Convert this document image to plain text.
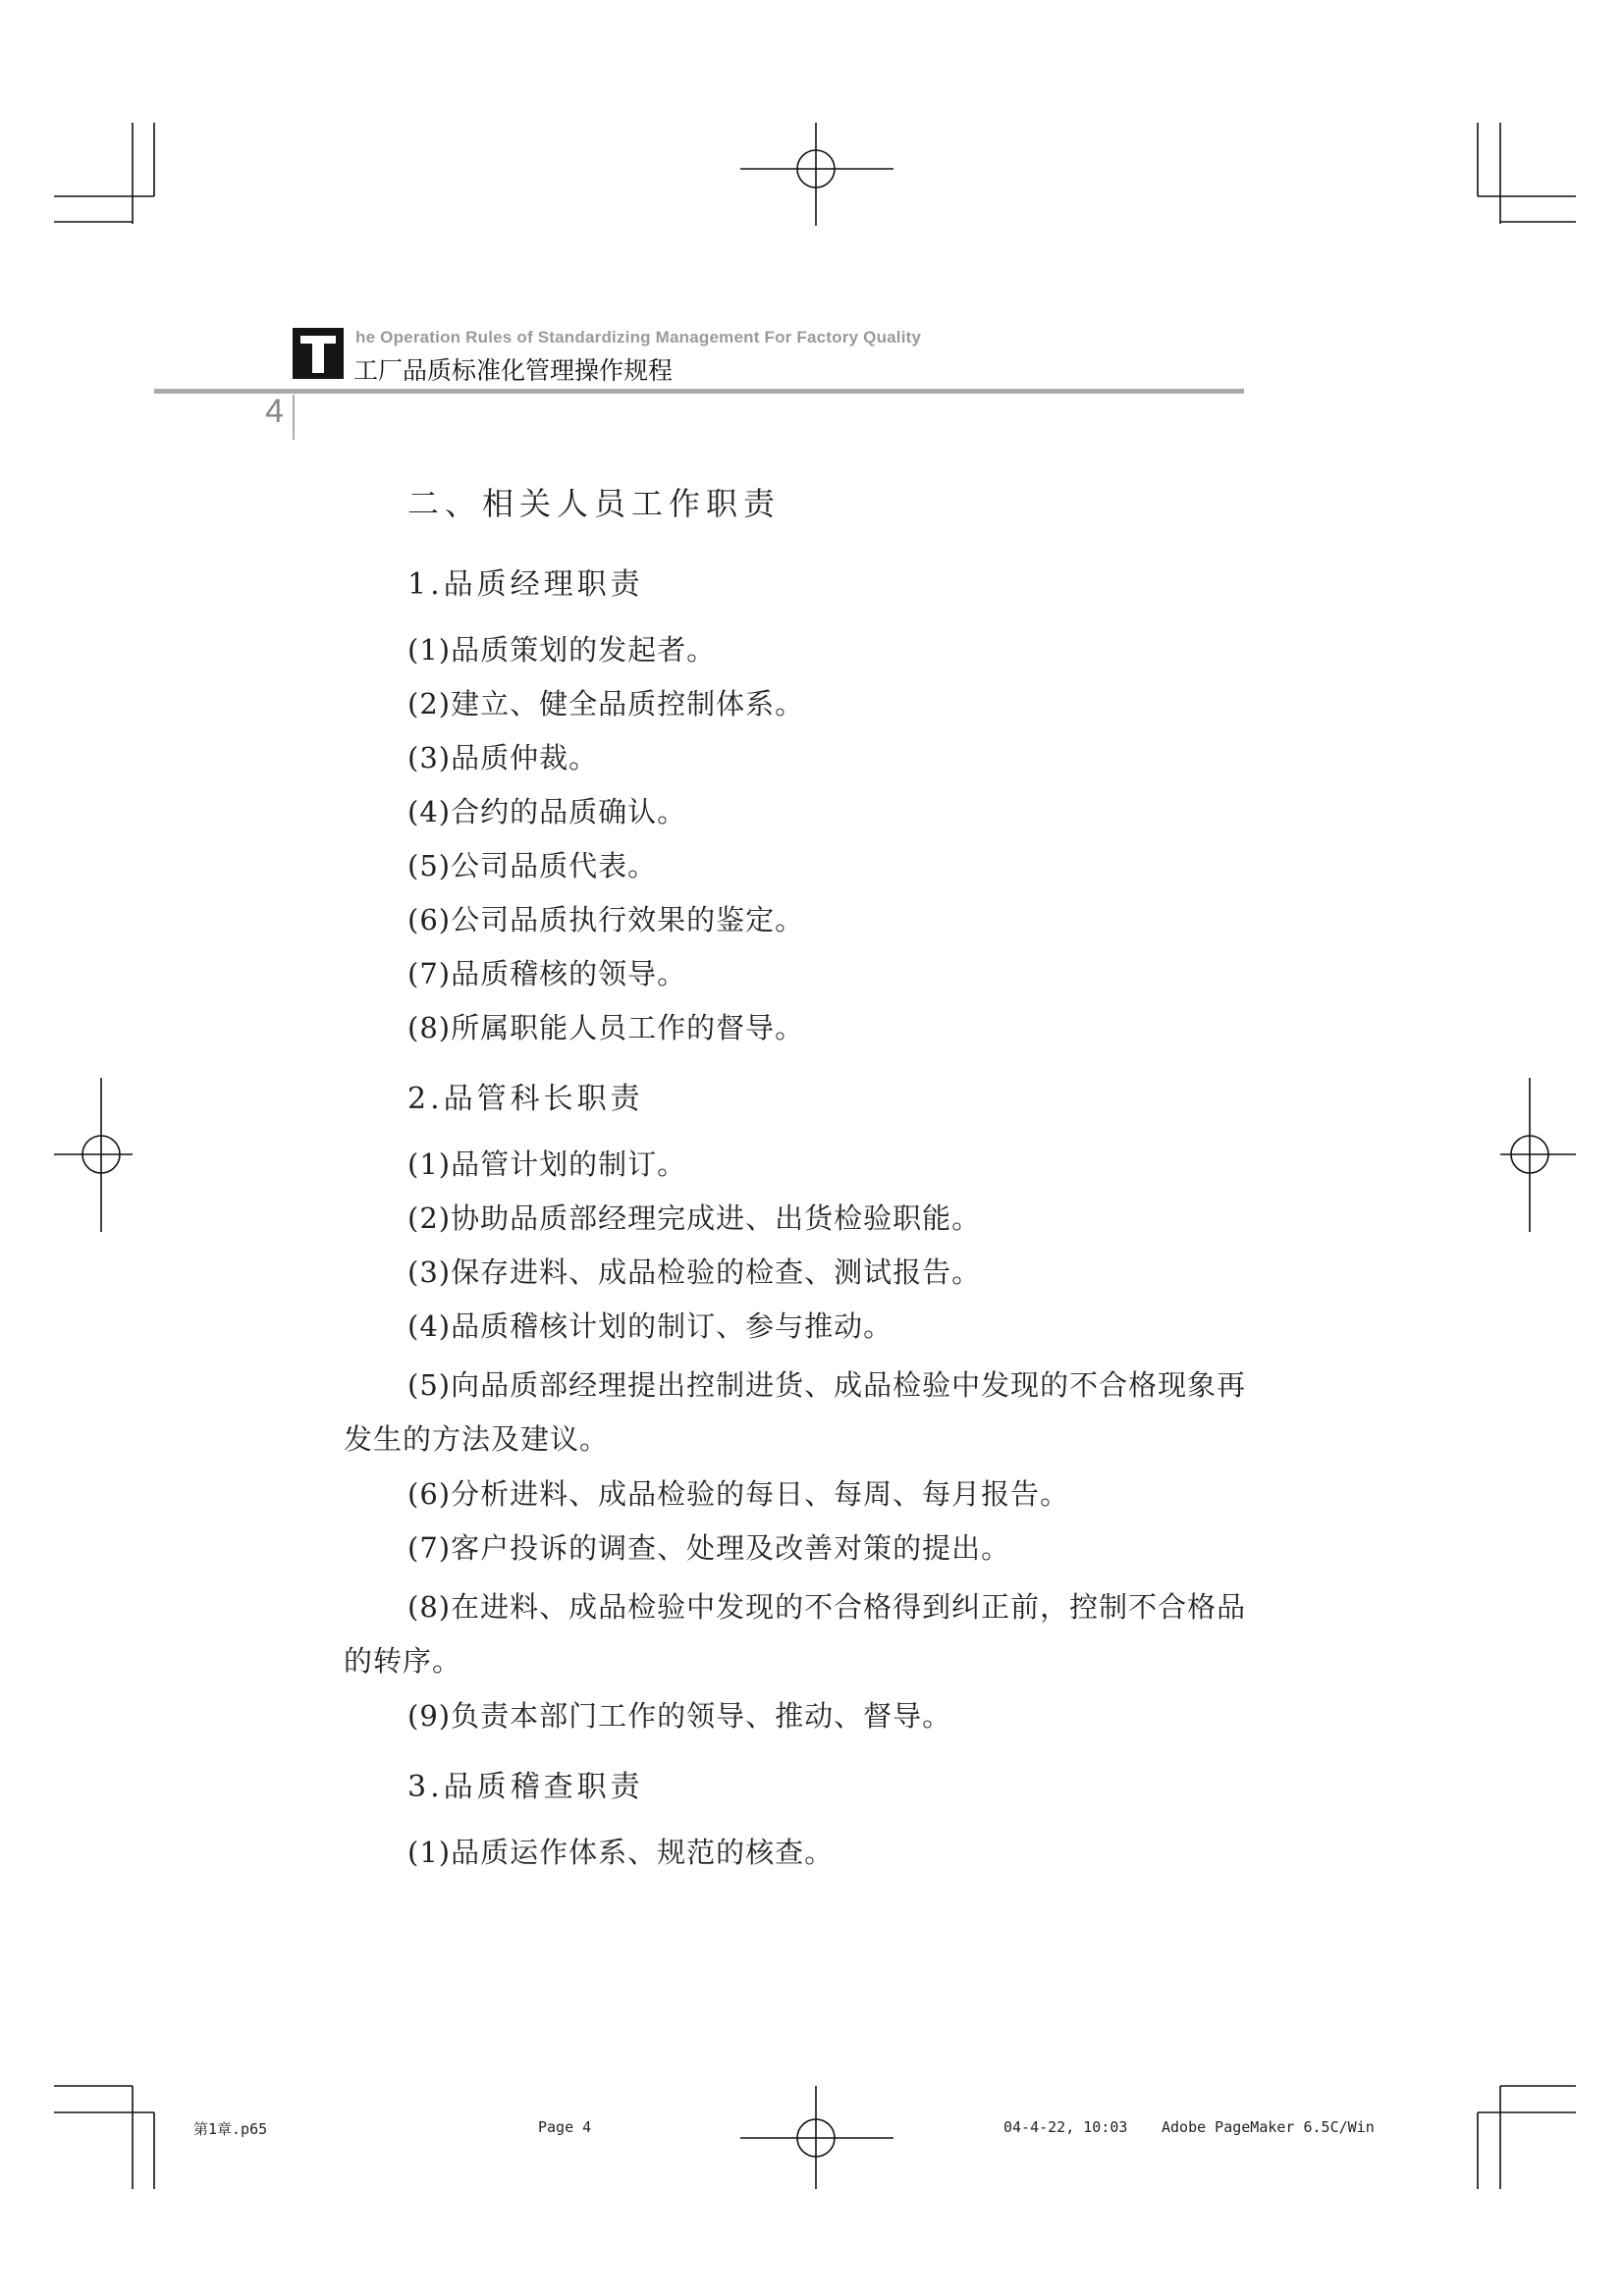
he Operation Rules of Standardizing Management For Factory Quality
工厂品质标准化管理操作规程
4
二、相关人员工作职责
1.品质经理职责
(1)品质策划的发起者。
(2)建立、健全品质控制体系。
(3)品质仲裁。
(4)合约的品质确认。
(5)公司品质代表。
(6)公司品质执行效果的鉴定。
(7)品质稽核的领导。
(8)所属职能人员工作的督导。
2.品管科长职责
(1)品管计划的制订。
(2)协助品质部经理完成进、出货检验职能。
(3)保存进料、成品检验的检查、测试报告。
(4)品质稽核计划的制订、参与推动。
(5)向品质部经理提出控制进货、成品检验中发现的不合格现象再发生的方法及建议。
(6)分析进料、成品检验的每日、每周、每月报告。
(7)客户投诉的调查、处理及改善对策的提出。
(8)在进料、成品检验中发现的不合格得到纠正前，控制不合格品的转序。
(9)负责本部门工作的领导、推动、督导。
3.品质稽查职责
(1)品质运作体系、规范的核查。
第1章.p65	Page 4	04-4-22, 10:03 Adobe PageMaker 6.5C/Win
